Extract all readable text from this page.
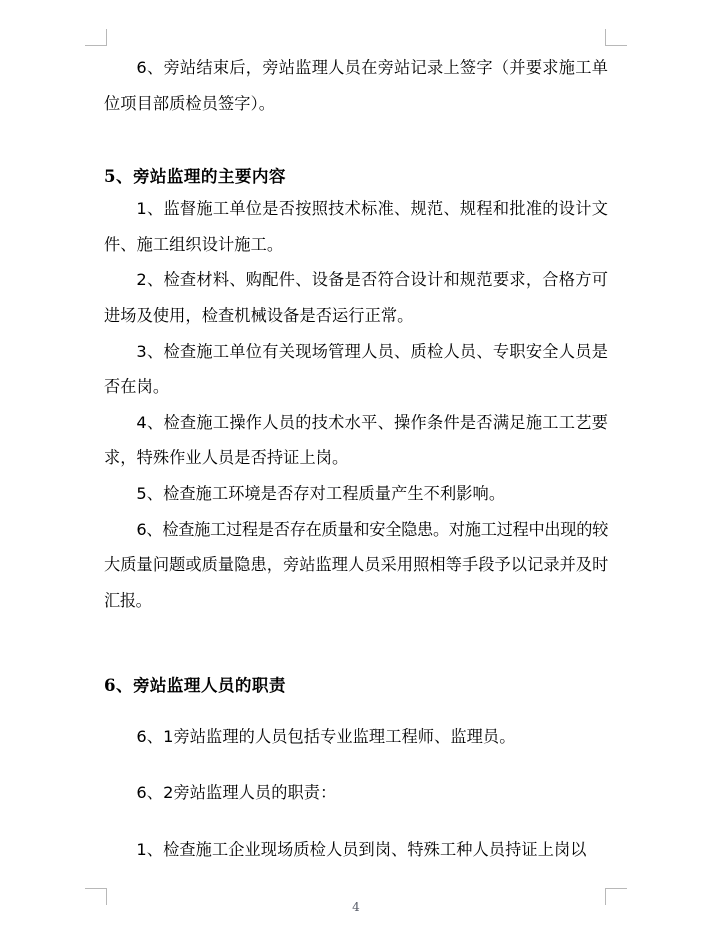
6、旁站结束后，旁站监理人员在旁站记录上签字（并要求施工单位项目部质检员签字）。

5、旁站监理的主要内容

1、监督施工单位是否按照技术标准、规范、规程和批准的设计文件、施工组织设计施工。

2、检查材料、购配件、设备是否符合设计和规范要求，合格方可进场及使用，检查机械设备是否运行正常。

3、检查施工单位有关现场管理人员、质检人员、专职安全人员是否在岗。

4、检查施工操作人员的技术水平、操作条件是否满足施工工艺要求，特殊作业人员是否持证上岗。

5、检查施工环境是否存对工程质量产生不利影响。

6、检查施工过程是否存在质量和安全隐患。对施工过程中出现的较大质量问题或质量隐患，旁站监理人员采用照相等手段予以记录并及时汇报。

6、旁站监理人员的职责

6、1旁站监理的人员包括专业监理工程师、监理员。

6、2旁站监理人员的职责：

1、检查施工企业现场质检人员到岗、特殊工种人员持证上岗以

4
